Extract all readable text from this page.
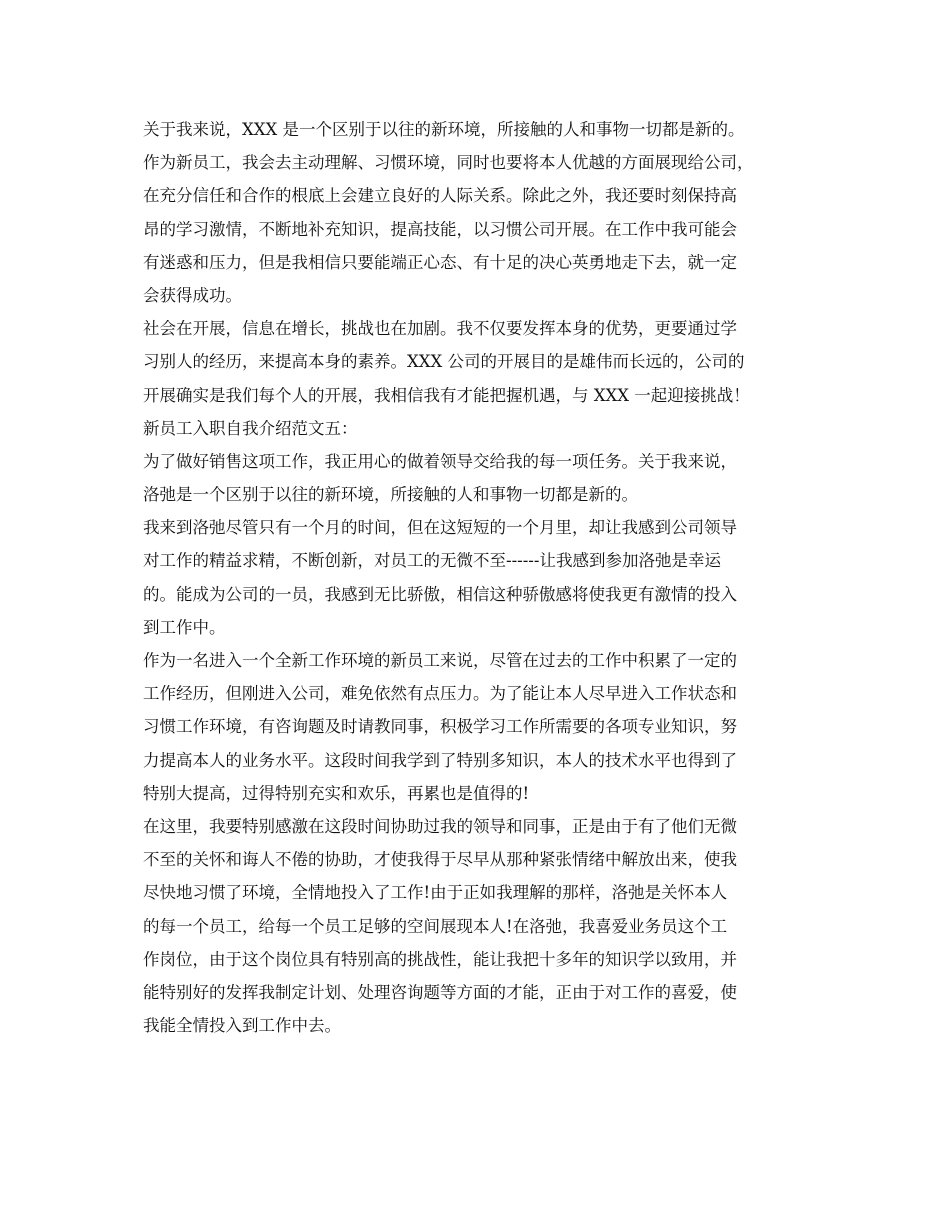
关于我来说，XXX 是一个区别于以往的新环境，所接触的人和事物一切都是新的。
作为新员工，我会去主动理解、习惯环境，同时也要将本人优越的方面展现给公司，
在充分信任和合作的根底上会建立良好的人际关系。除此之外，我还要时刻保持高
昂的学习激情，不断地补充知识，提高技能，以习惯公司开展。在工作中我可能会
有迷惑和压力，但是我相信只要能端正心态、有十足的决心英勇地走下去，就一定
会获得成功。
社会在开展，信息在增长，挑战也在加剧。我不仅要发挥本身的优势，更要通过学
习别人的经历，来提高本身的素养。XXX 公司的开展目的是雄伟而长远的，公司的
开展确实是我们每个人的开展，我相信我有才能把握机遇，与 XXX 一起迎接挑战！
新员工入职自我介绍范文五：
为了做好销售这项工作，我正用心的做着领导交给我的每一项任务。关于我来说，
洛弛是一个区别于以往的新环境，所接触的人和事物一切都是新的。
我来到洛弛尽管只有一个月的时间，但在这短短的一个月里，却让我感到公司领导
对工作的精益求精，不断创新，对员工的无微不至------让我感到参加洛弛是幸运
的。能成为公司的一员，我感到无比骄傲，相信这种骄傲感将使我更有激情的投入
到工作中。
作为一名进入一个全新工作环境的新员工来说，尽管在过去的工作中积累了一定的
工作经历，但刚进入公司，难免依然有点压力。为了能让本人尽早进入工作状态和
习惯工作环境，有咨询题及时请教同事，积极学习工作所需要的各项专业知识，努
力提高本人的业务水平。这段时间我学到了特别多知识，本人的技术水平也得到了
特别大提高，过得特别充实和欢乐，再累也是值得的!
在这里，我要特别感激在这段时间协助过我的领导和同事，正是由于有了他们无微
不至的关怀和诲人不倦的协助，才使我得于尽早从那种紧张情绪中解放出来，使我
尽快地习惯了环境，全情地投入了工作!由于正如我理解的那样，洛弛是关怀本人
的每一个员工，给每一个员工足够的空间展现本人!在洛弛，我喜爱业务员这个工
作岗位，由于这个岗位具有特别高的挑战性，能让我把十多年的知识学以致用，并
能特别好的发挥我制定计划、处理咨询题等方面的才能，正由于对工作的喜爱，使
我能全情投入到工作中去。
